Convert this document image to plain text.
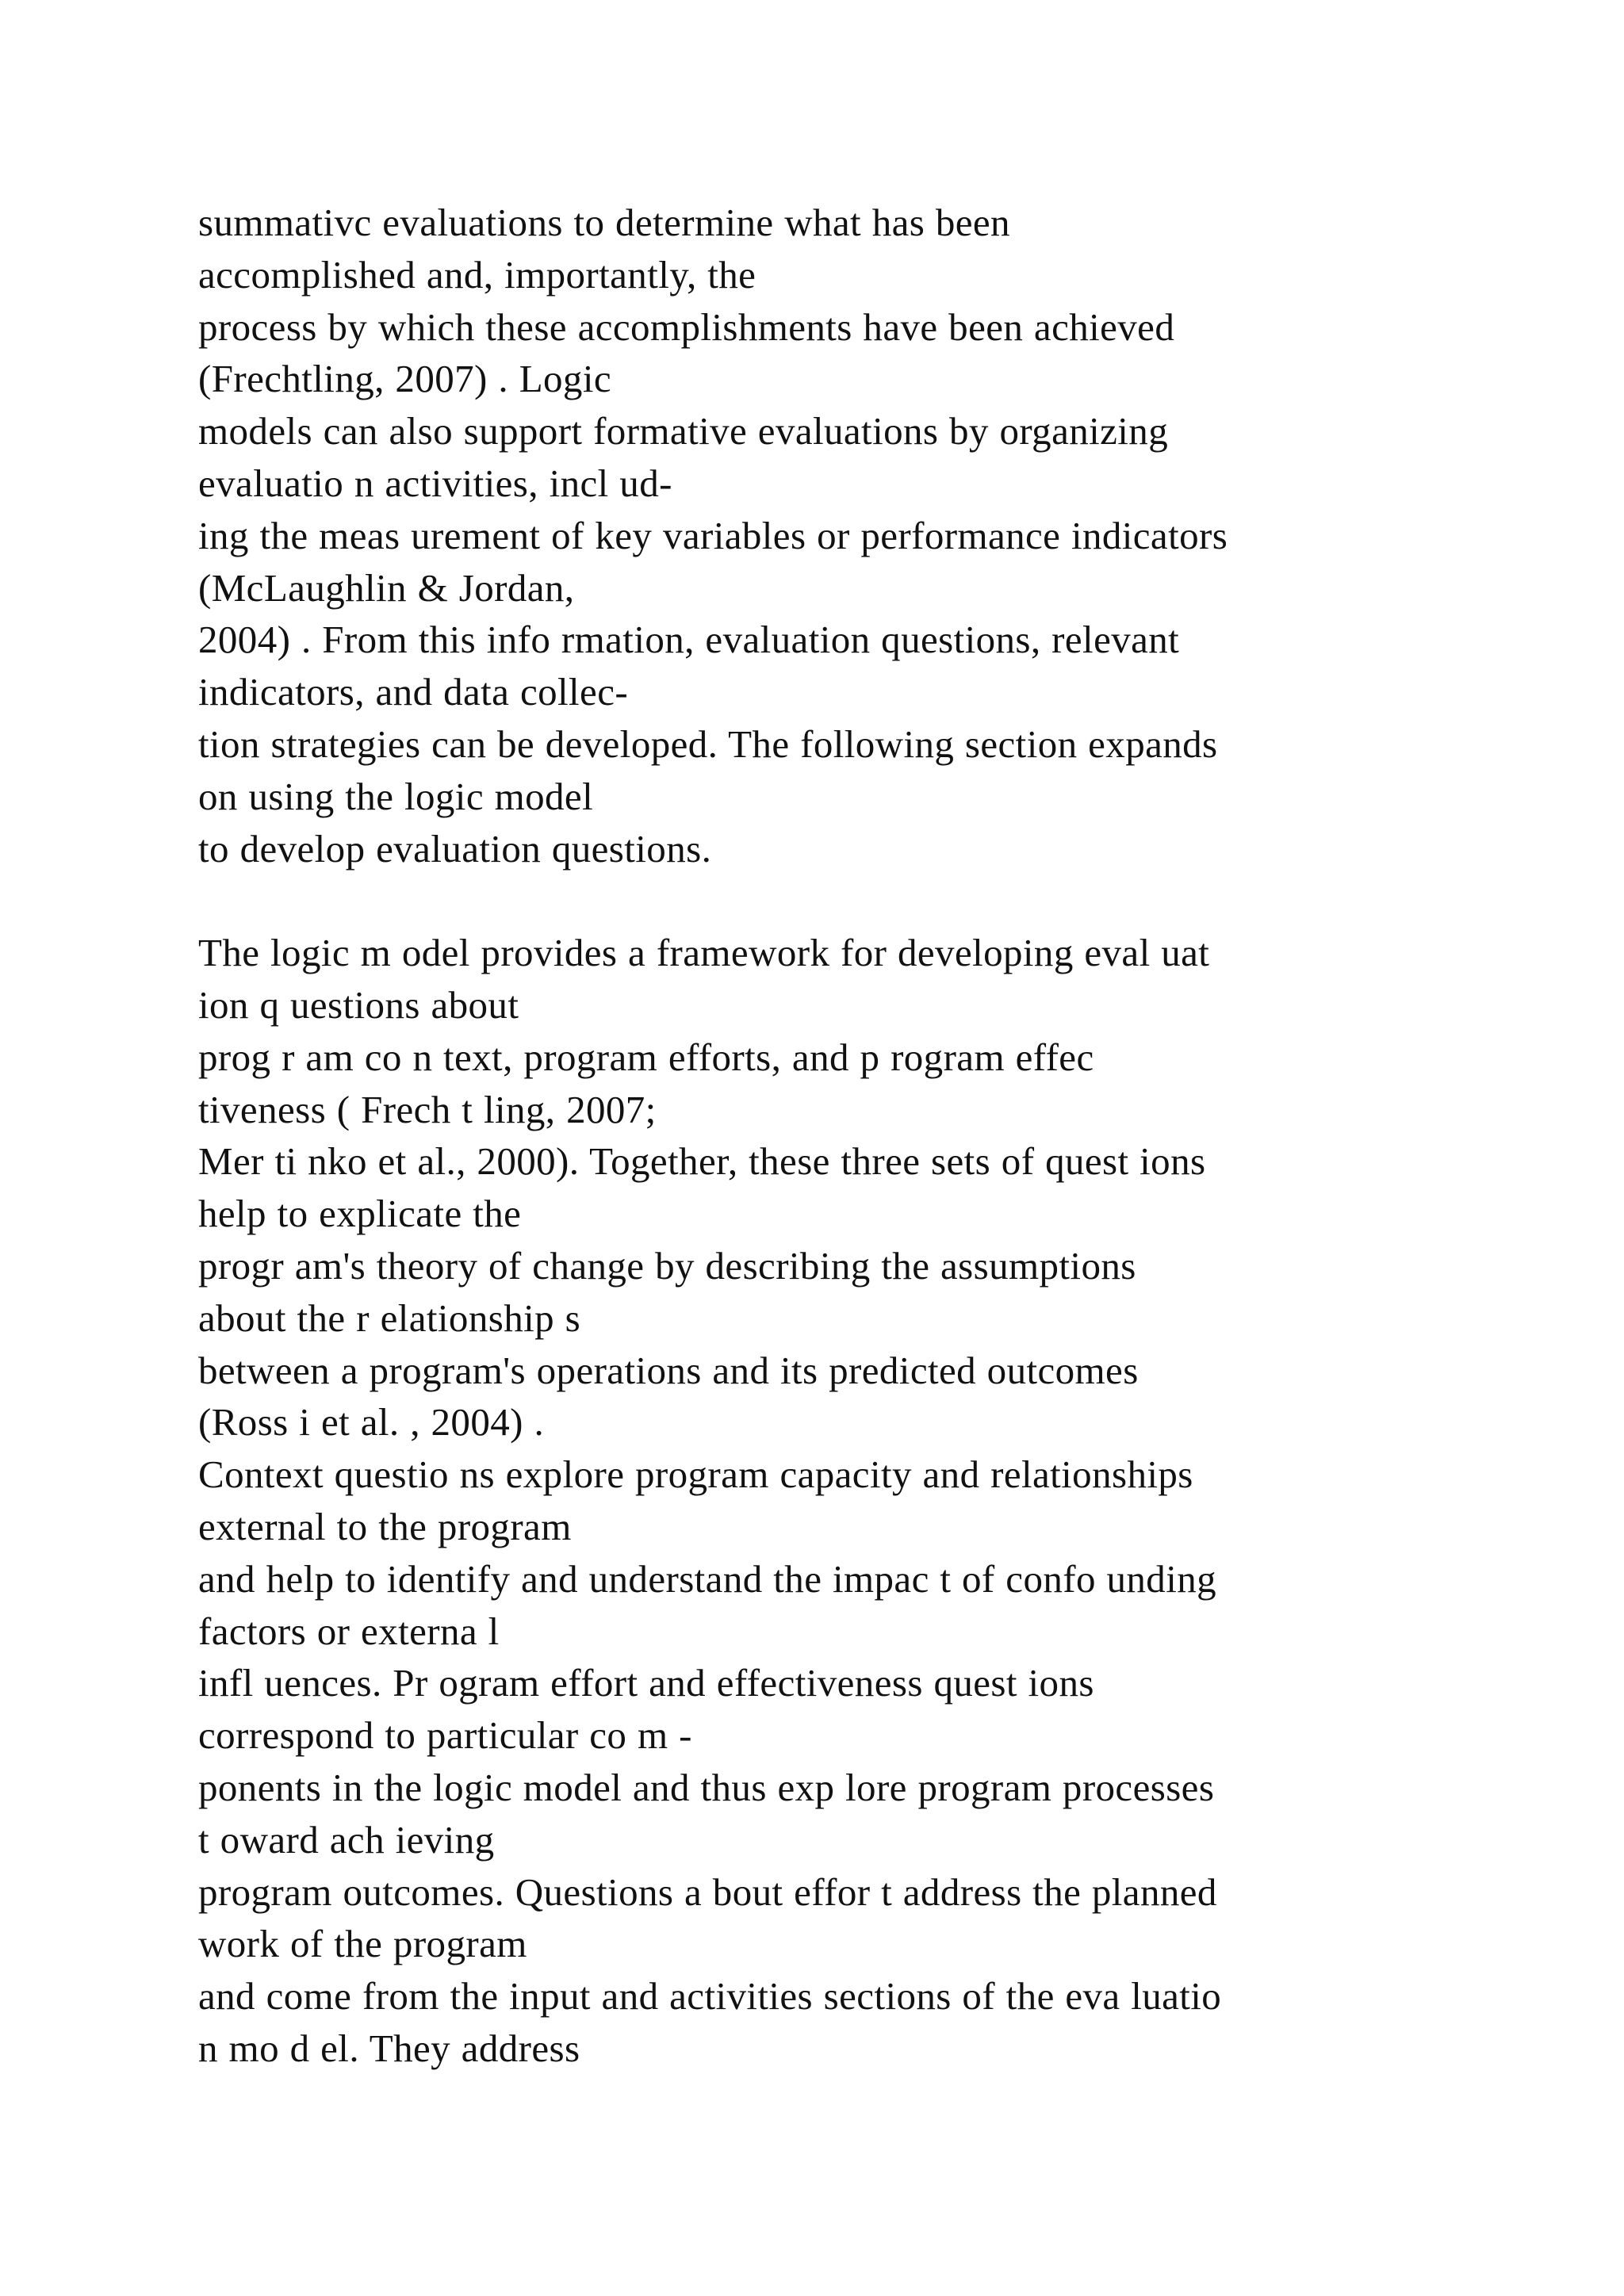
summativc evaluations to determine what has been
accomplished and, importantly, the
process by which these accomplishments have been achieved
(Frechtling, 2007) . Logic
models can also support formative evaluations by organizing
evaluatio n activities, incl ud-
ing the meas urement of key variables or performance indicators
(McLaughlin & Jordan,
2004) . From this info rmation, evaluation questions, relevant
indicators, and data collec-
tion strategies can be developed. The following section expands
on using the logic model
to develop evaluation questions.
The logic m odel provides a framework for developing eval uat
ion q uestions about
prog r am co n text, program efforts, and p rogram effec
tiveness ( Frech t ling, 2007;
Mer ti nko et al., 2000). Together, these three sets of quest ions
help to explicate the
progr am's theory of change by describing the assumptions
about the r elationship s
between a program's operations and its predicted outcomes
(Ross i et al. , 2004) .
Context questio ns explore program capacity and relationships
external to the program
and help to identify and understand the impac t of confo unding
factors or externa l
infl uences. Pr ogram effort and effectiveness quest ions
correspond to particular co m -
ponents in the logic model and thus exp lore program processes
t oward ach ieving
program outcomes. Questions a bout effor t address the planned
work of the program
and come from the input and activities sections of the eva luatio
n mo d el. They address
